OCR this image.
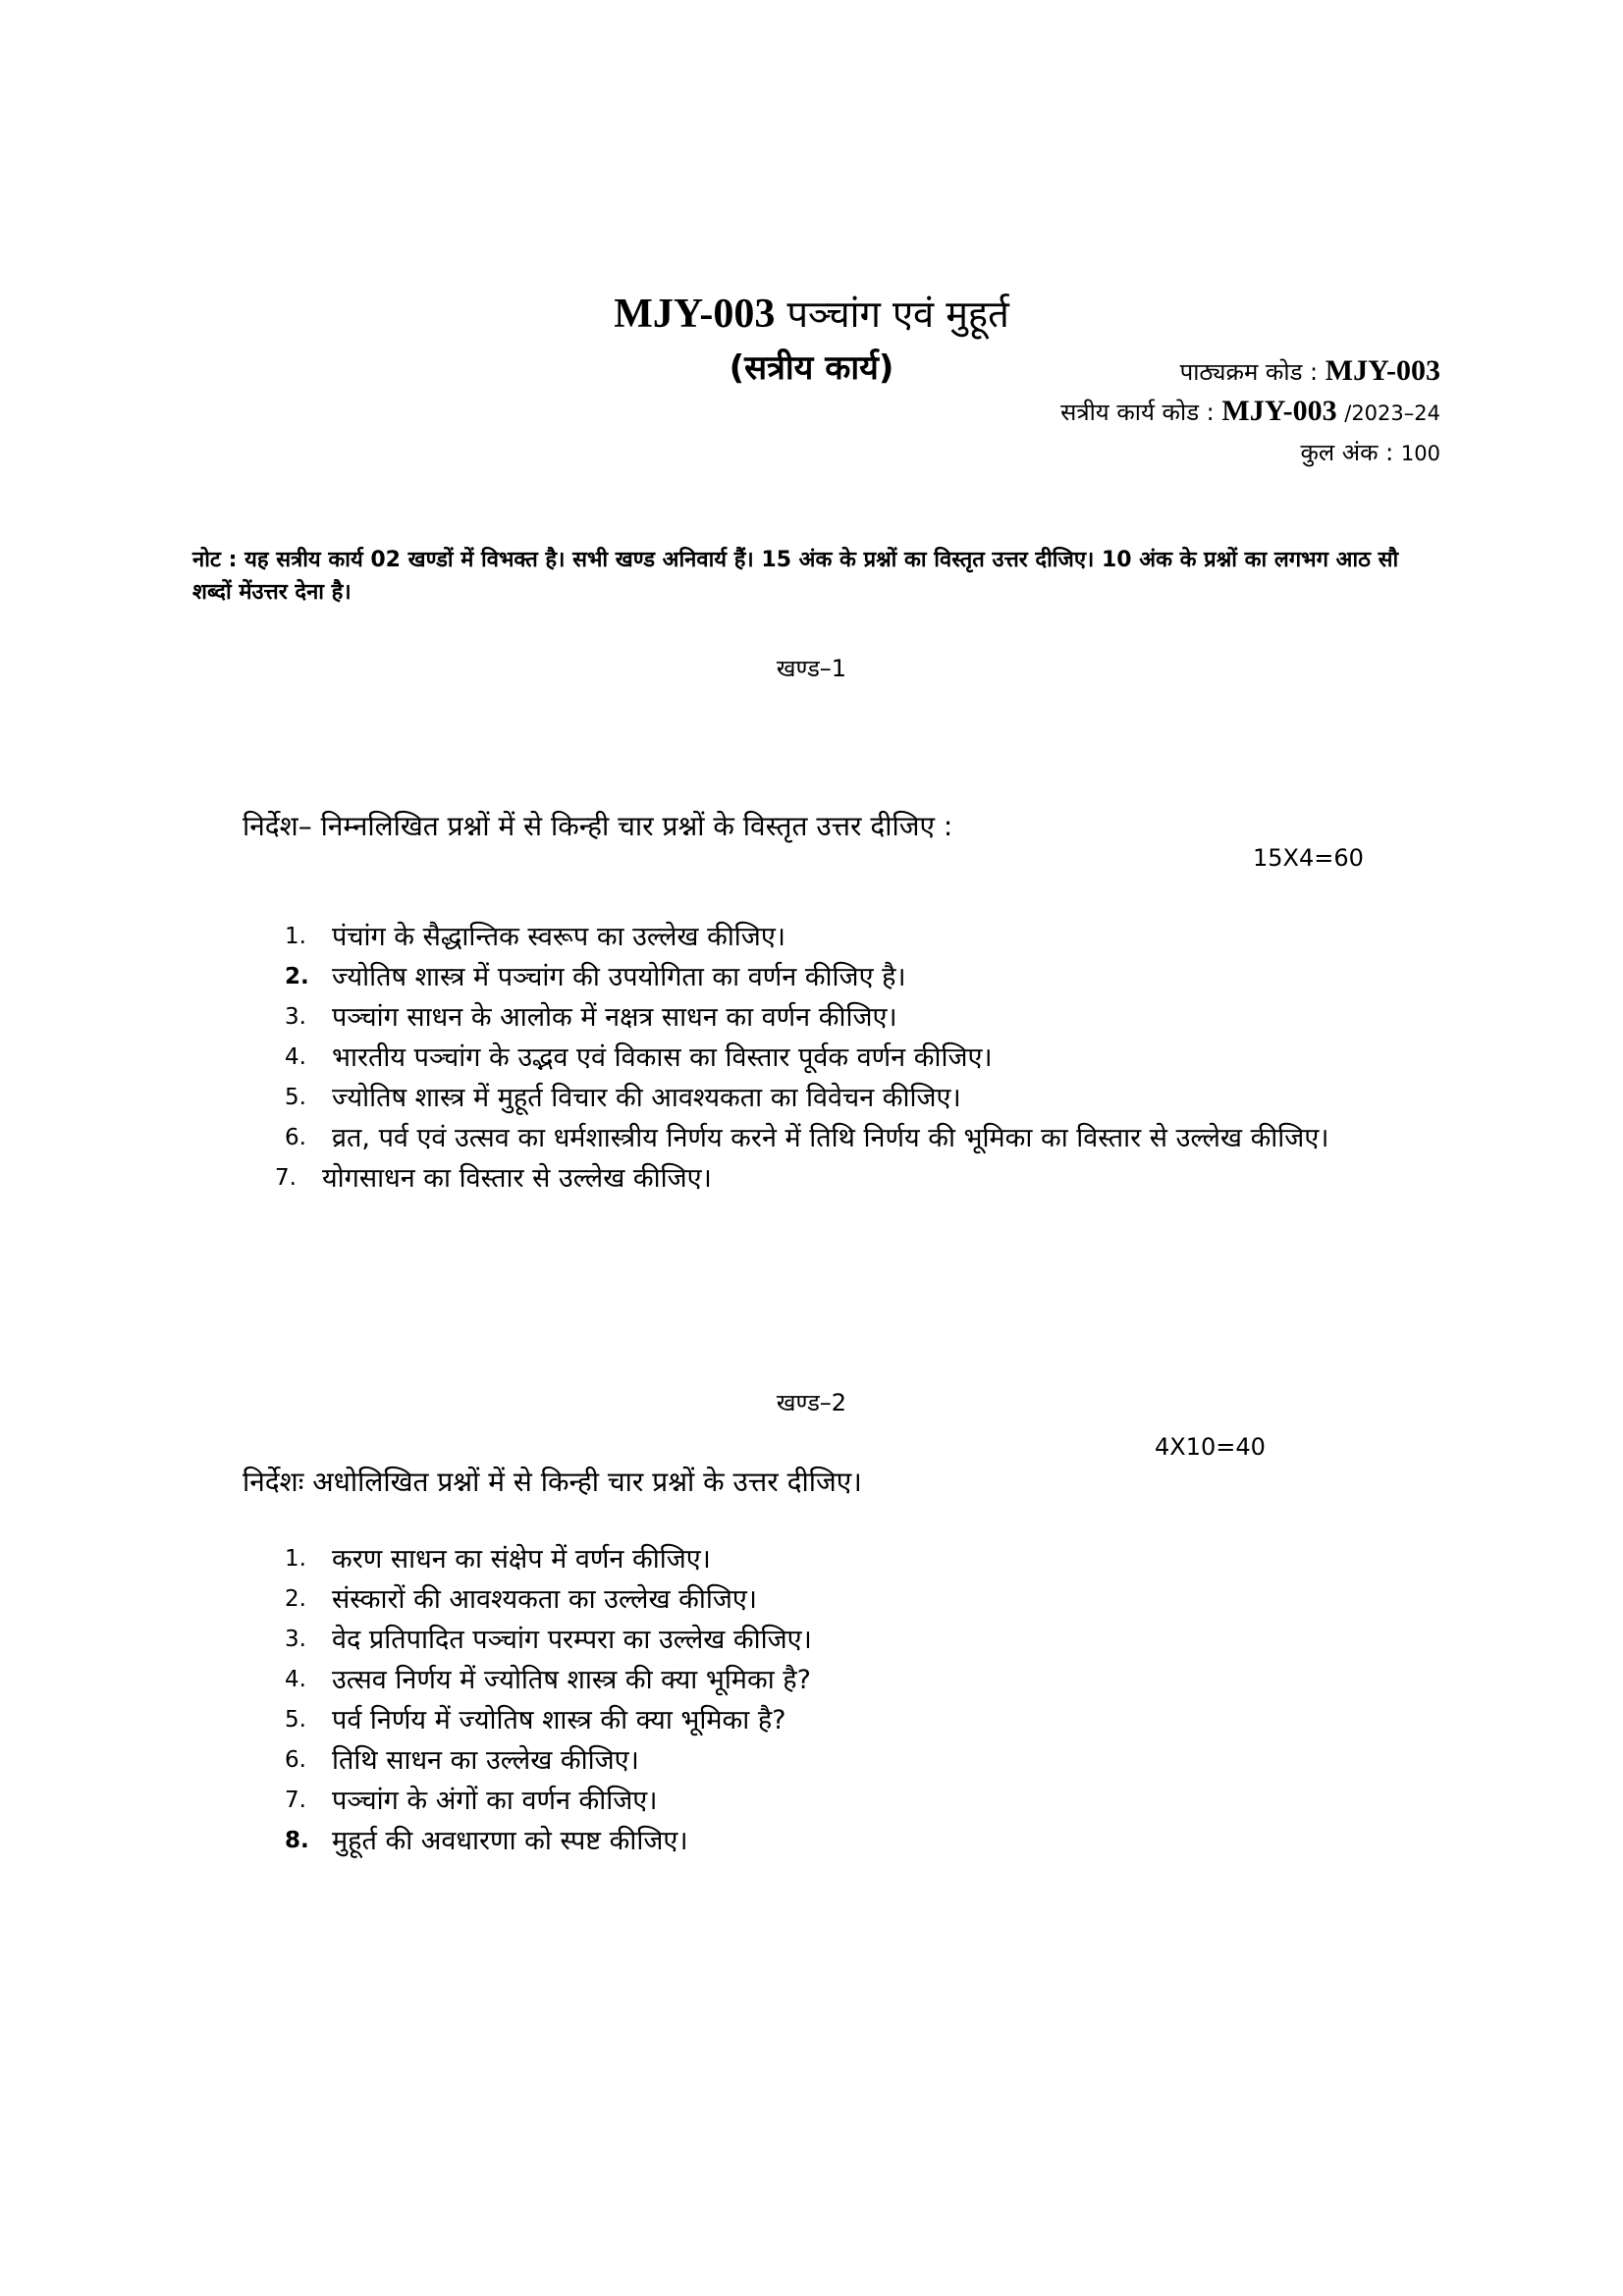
MJY-003 पञ्चांग एवं मुहूर्त
(सत्रीय कार्य)	पाठ्यक्रम कोड : MJY-003
सत्रीय कार्य कोड : MJY-003 /2023–24
कुल अंक : 100
नोट : यह सत्रीय कार्य 02 खण्डों में विभक्त है। सभी खण्ड अनिवार्य हैं। 15 अंक के प्रश्नों का विस्तृत उत्तर दीजिए। 10 अंक के प्रश्नों का लगभग आठ सौ शब्दों मेंउत्तर देना है।
खण्ड–1
निर्देश– निम्नलिखित प्रश्नों में से किन्ही चार प्रश्नों के विस्तृत उत्तर दीजिए :
15X4=60
1. पंचांग के सैद्धान्तिक स्वरूप का उल्लेख कीजिए।
2. ज्योतिष शास्त्र में पञ्चांग की उपयोगिता का वर्णन कीजिए है।
3. पञ्चांग साधन के आलोक में नक्षत्र साधन का वर्णन कीजिए।
4. भारतीय पञ्चांग के उद्भव एवं विकास का विस्तार पूर्वक वर्णन कीजिए।
5. ज्योतिष शास्त्र में मुहूर्त विचार की आवश्यकता का विवेचन कीजिए।
6. व्रत, पर्व एवं उत्सव का धर्मशास्त्रीय निर्णय करने में तिथि निर्णय की भूमिका का विस्तार से उल्लेख कीजिए।
7. योगसाधन का विस्तार से उल्लेख कीजिए।
खण्ड–2
4X10=40
निर्देशः अधोलिखित प्रश्नों में से किन्ही चार प्रश्नों के उत्तर दीजिए।
1. करण साधन का संक्षेप में वर्णन कीजिए।
2. संस्कारों की आवश्यकता का उल्लेख कीजिए।
3. वेद प्रतिपादित पञ्चांग परम्परा का उल्लेख कीजिए।
4. उत्सव निर्णय में ज्योतिष शास्त्र की क्या भूमिका है?
5. पर्व निर्णय में ज्योतिष शास्त्र की क्या भूमिका है?
6. तिथि साधन का उल्लेख कीजिए।
7. पञ्चांग के अंगों का वर्णन कीजिए।
8. मुहूर्त की अवधारणा को स्पष्ट कीजिए।
